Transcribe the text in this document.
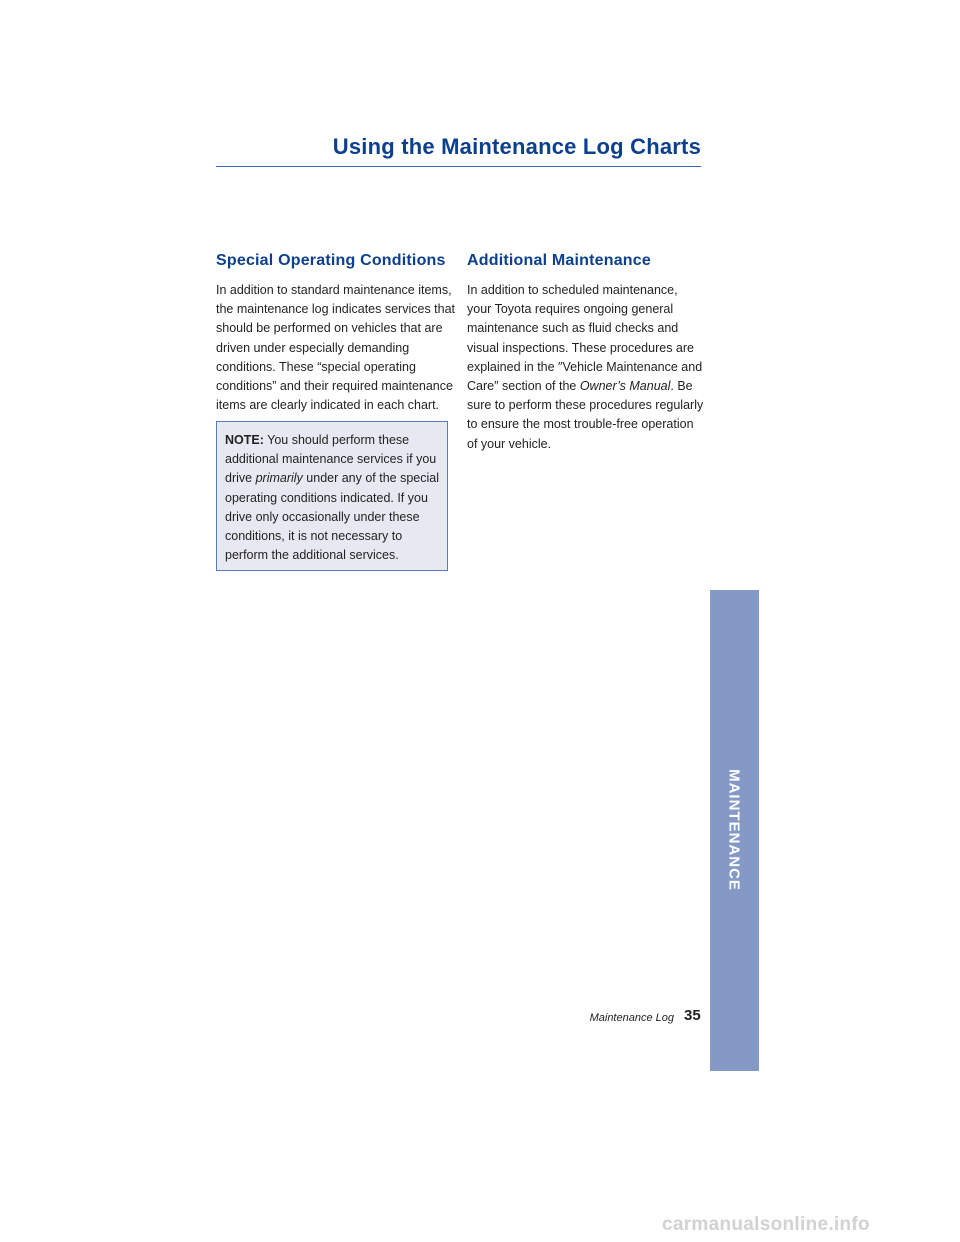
Using the Maintenance Log Charts
Special Operating Conditions
In addition to standard maintenance items,
the maintenance log indicates services that
should be performed on vehicles that are
driven under especially demanding
conditions. These “special operating
conditions” and their required maintenance
items are clearly indicated in each chart.
NOTE: You should perform these
additional maintenance services if you
drive primarily under any of the special
operating conditions indicated. If you
drive only occasionally under these
conditions, it is not necessary to
perform the additional services.
Additional Maintenance
In addition to scheduled maintenance,
your Toyota requires ongoing general
maintenance such as fluid checks and
visual inspections. These procedures are
explained in the ″Vehicle Maintenance and
Care″ section of the Owner’s Manual. Be
sure to perform these procedures regularly
to ensure the most trouble-free operation
of your vehicle.
MAINTENANCE
Maintenance Log 35
carmanualsonline.info
